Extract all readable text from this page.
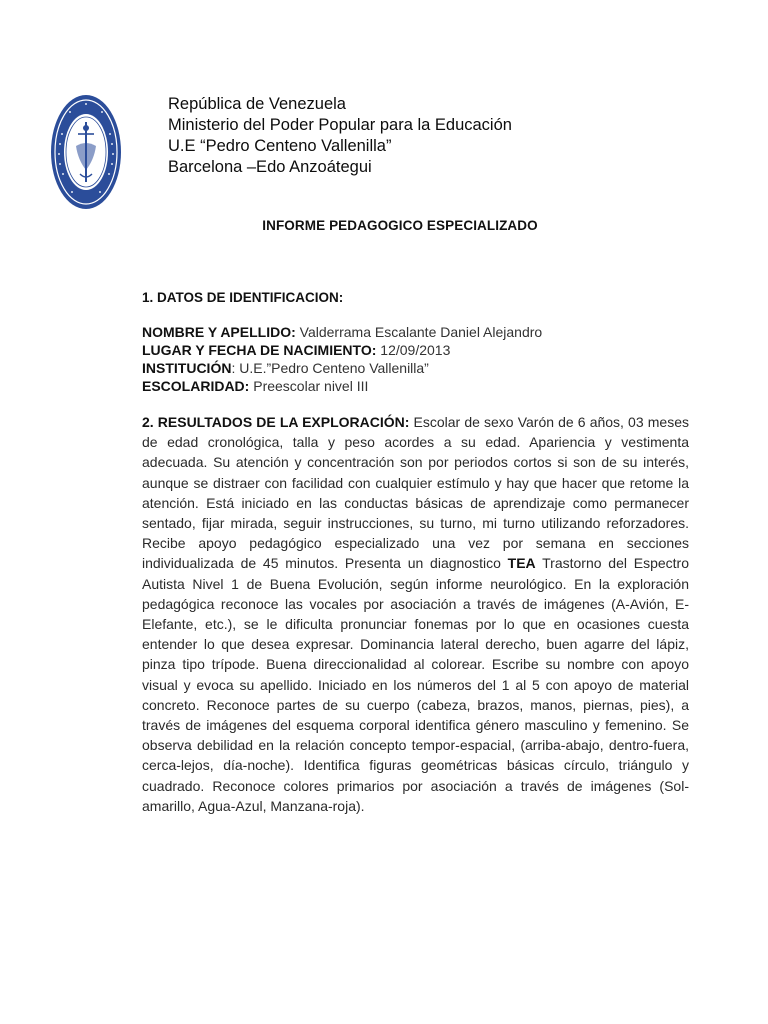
República de Venezuela
Ministerio del Poder Popular para la Educación
U.E “Pedro Centeno Vallenilla”
Barcelona –Edo Anzoátegui
INFORME PEDAGOGICO ESPECIALIZADO
1. DATOS DE IDENTIFICACION:
NOMBRE Y APELLIDO: Valderrama Escalante Daniel Alejandro
LUGAR Y FECHA DE NACIMIENTO: 12/09/2013
INSTITUCIÓN: U.E.”Pedro Centeno Vallenilla”
ESCOLARIDAD: Preescolar nivel III
2. RESULTADOS DE LA EXPLORACIÓN: Escolar de sexo Varón de 6 años, 03 meses de edad cronológica, talla y peso acordes a su edad. Apariencia y vestimenta adecuada. Su atención y concentración son por periodos cortos si son de su interés, aunque se distraer con facilidad con cualquier estímulo y hay que hacer que retome la atención. Está iniciado en las conductas básicas de aprendizaje como permanecer sentado, fijar mirada, seguir instrucciones, su turno, mi turno utilizando reforzadores. Recibe apoyo pedagógico especializado una vez por semana en secciones individualizada de 45 minutos. Presenta un diagnostico TEA Trastorno del Espectro Autista Nivel 1 de Buena Evolución, según informe neurológico. En la exploración pedagógica reconoce las vocales por asociación a través de imágenes (A-Avión, E-Elefante, etc.), se le dificulta pronunciar fonemas por lo que en ocasiones cuesta entender lo que desea expresar. Dominancia lateral derecho, buen agarre del lápiz, pinza tipo trípode. Buena direccionalidad al colorear. Escribe su nombre con apoyo visual y evoca su apellido. Iniciado en los números del 1 al 5 con apoyo de material concreto. Reconoce partes de su cuerpo (cabeza, brazos, manos, piernas, pies), a través de imágenes del esquema corporal identifica género masculino y femenino. Se observa debilidad en la relación concepto tempor-espacial, (arriba-abajo, dentro-fuera, cerca-lejos, día-noche). Identifica figuras geométricas básicas círculo, triángulo y cuadrado. Reconoce colores primarios por asociación a través de imágenes (Sol-amarillo, Agua-Azul, Manzana-roja).
